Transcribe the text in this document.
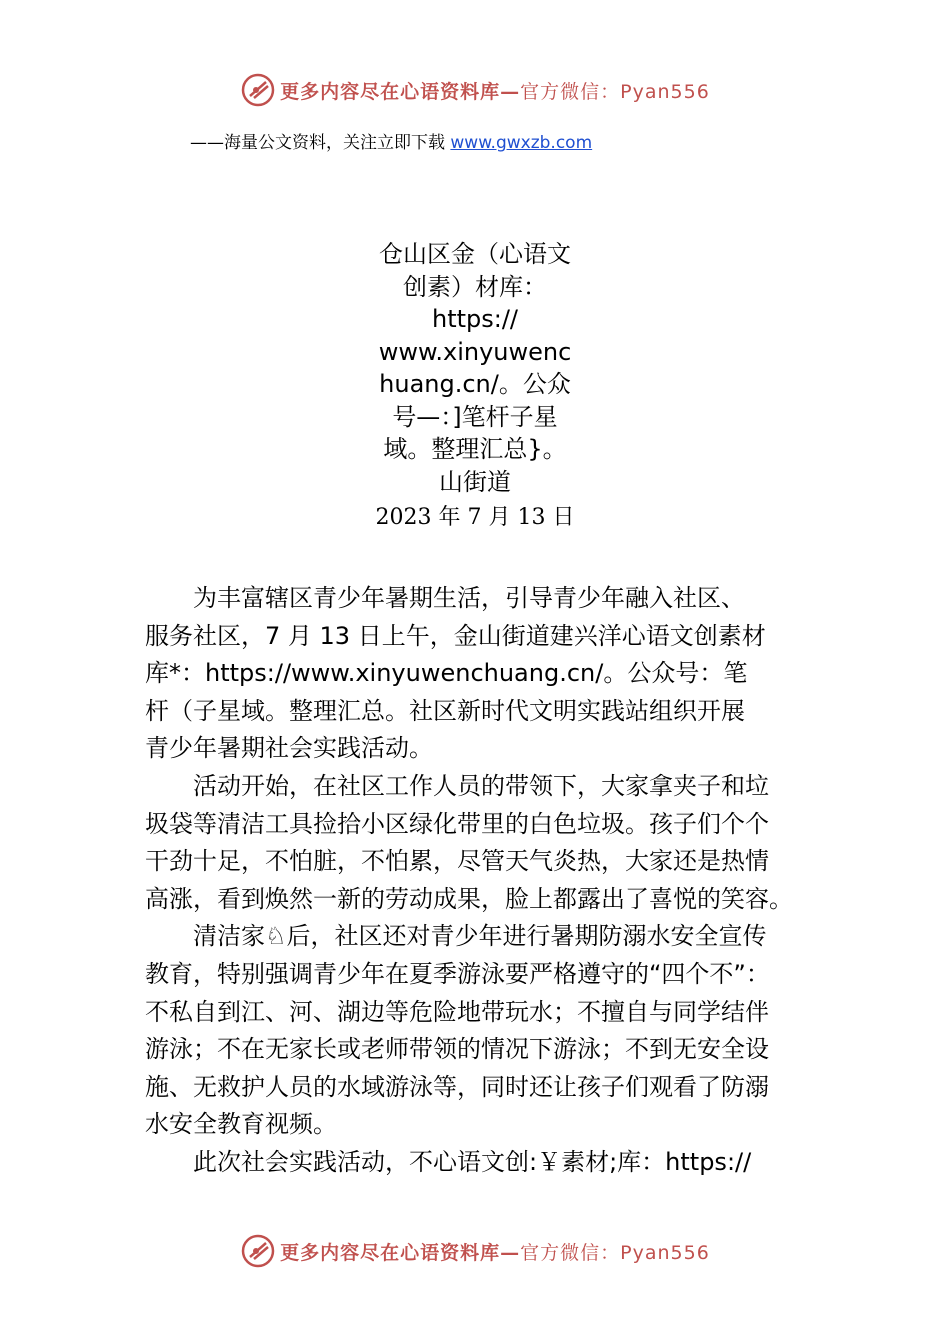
更多内容尽在心语资料库— 官方微信：Pyan556
——海量公文资料，关注立即下载 www.gwxzb.com
仓山区金（心语文
创素）材库：
https://
www.xinyuwenc
huang.cn/。公众
号—：]笔杆子星
域。整理汇总}。
山街道
2023 年 7 月 13 日

为丰富辖区青少年暑期生活，引导青少年融入社区、
服务社区，7 月 13 日上午，金山街道建兴洋心语文创素材
库*：https://www.xinyuwenchuang.cn/。公众号：笔
杆（子星域。整理汇总。社区新时代文明实践站组织开展
青少年暑期社会实践活动。

活动开始，在社区工作人员的带领下，大家拿夹子和垃
圾袋等清洁工具捡拾小区绿化带里的白色垃圾。孩子们个个
干劲十足，不怕脏，不怕累，尽管天气炎热，大家还是热情
高涨，看到焕然一新的劳动成果，脸上都露出了喜悦的笑容。

清洁家♘后，社区还对青少年进行暑期防溺水安全宣传
教育，特别强调青少年在夏季游泳要严格遵守的“四个不”：
不私自到江、河、湖边等危险地带玩水；不擅自与同学结伴
游泳；不在无家长或老师带领的情况下游泳；不到无安全设
施、无救护人员的水域游泳等，同时还让孩子们观看了防溺
水安全教育视频。

此次社会实践活动，不心语文创:￥素材;库：https://

更多内容尽在心语资料库— 官方微信：Pyan556
